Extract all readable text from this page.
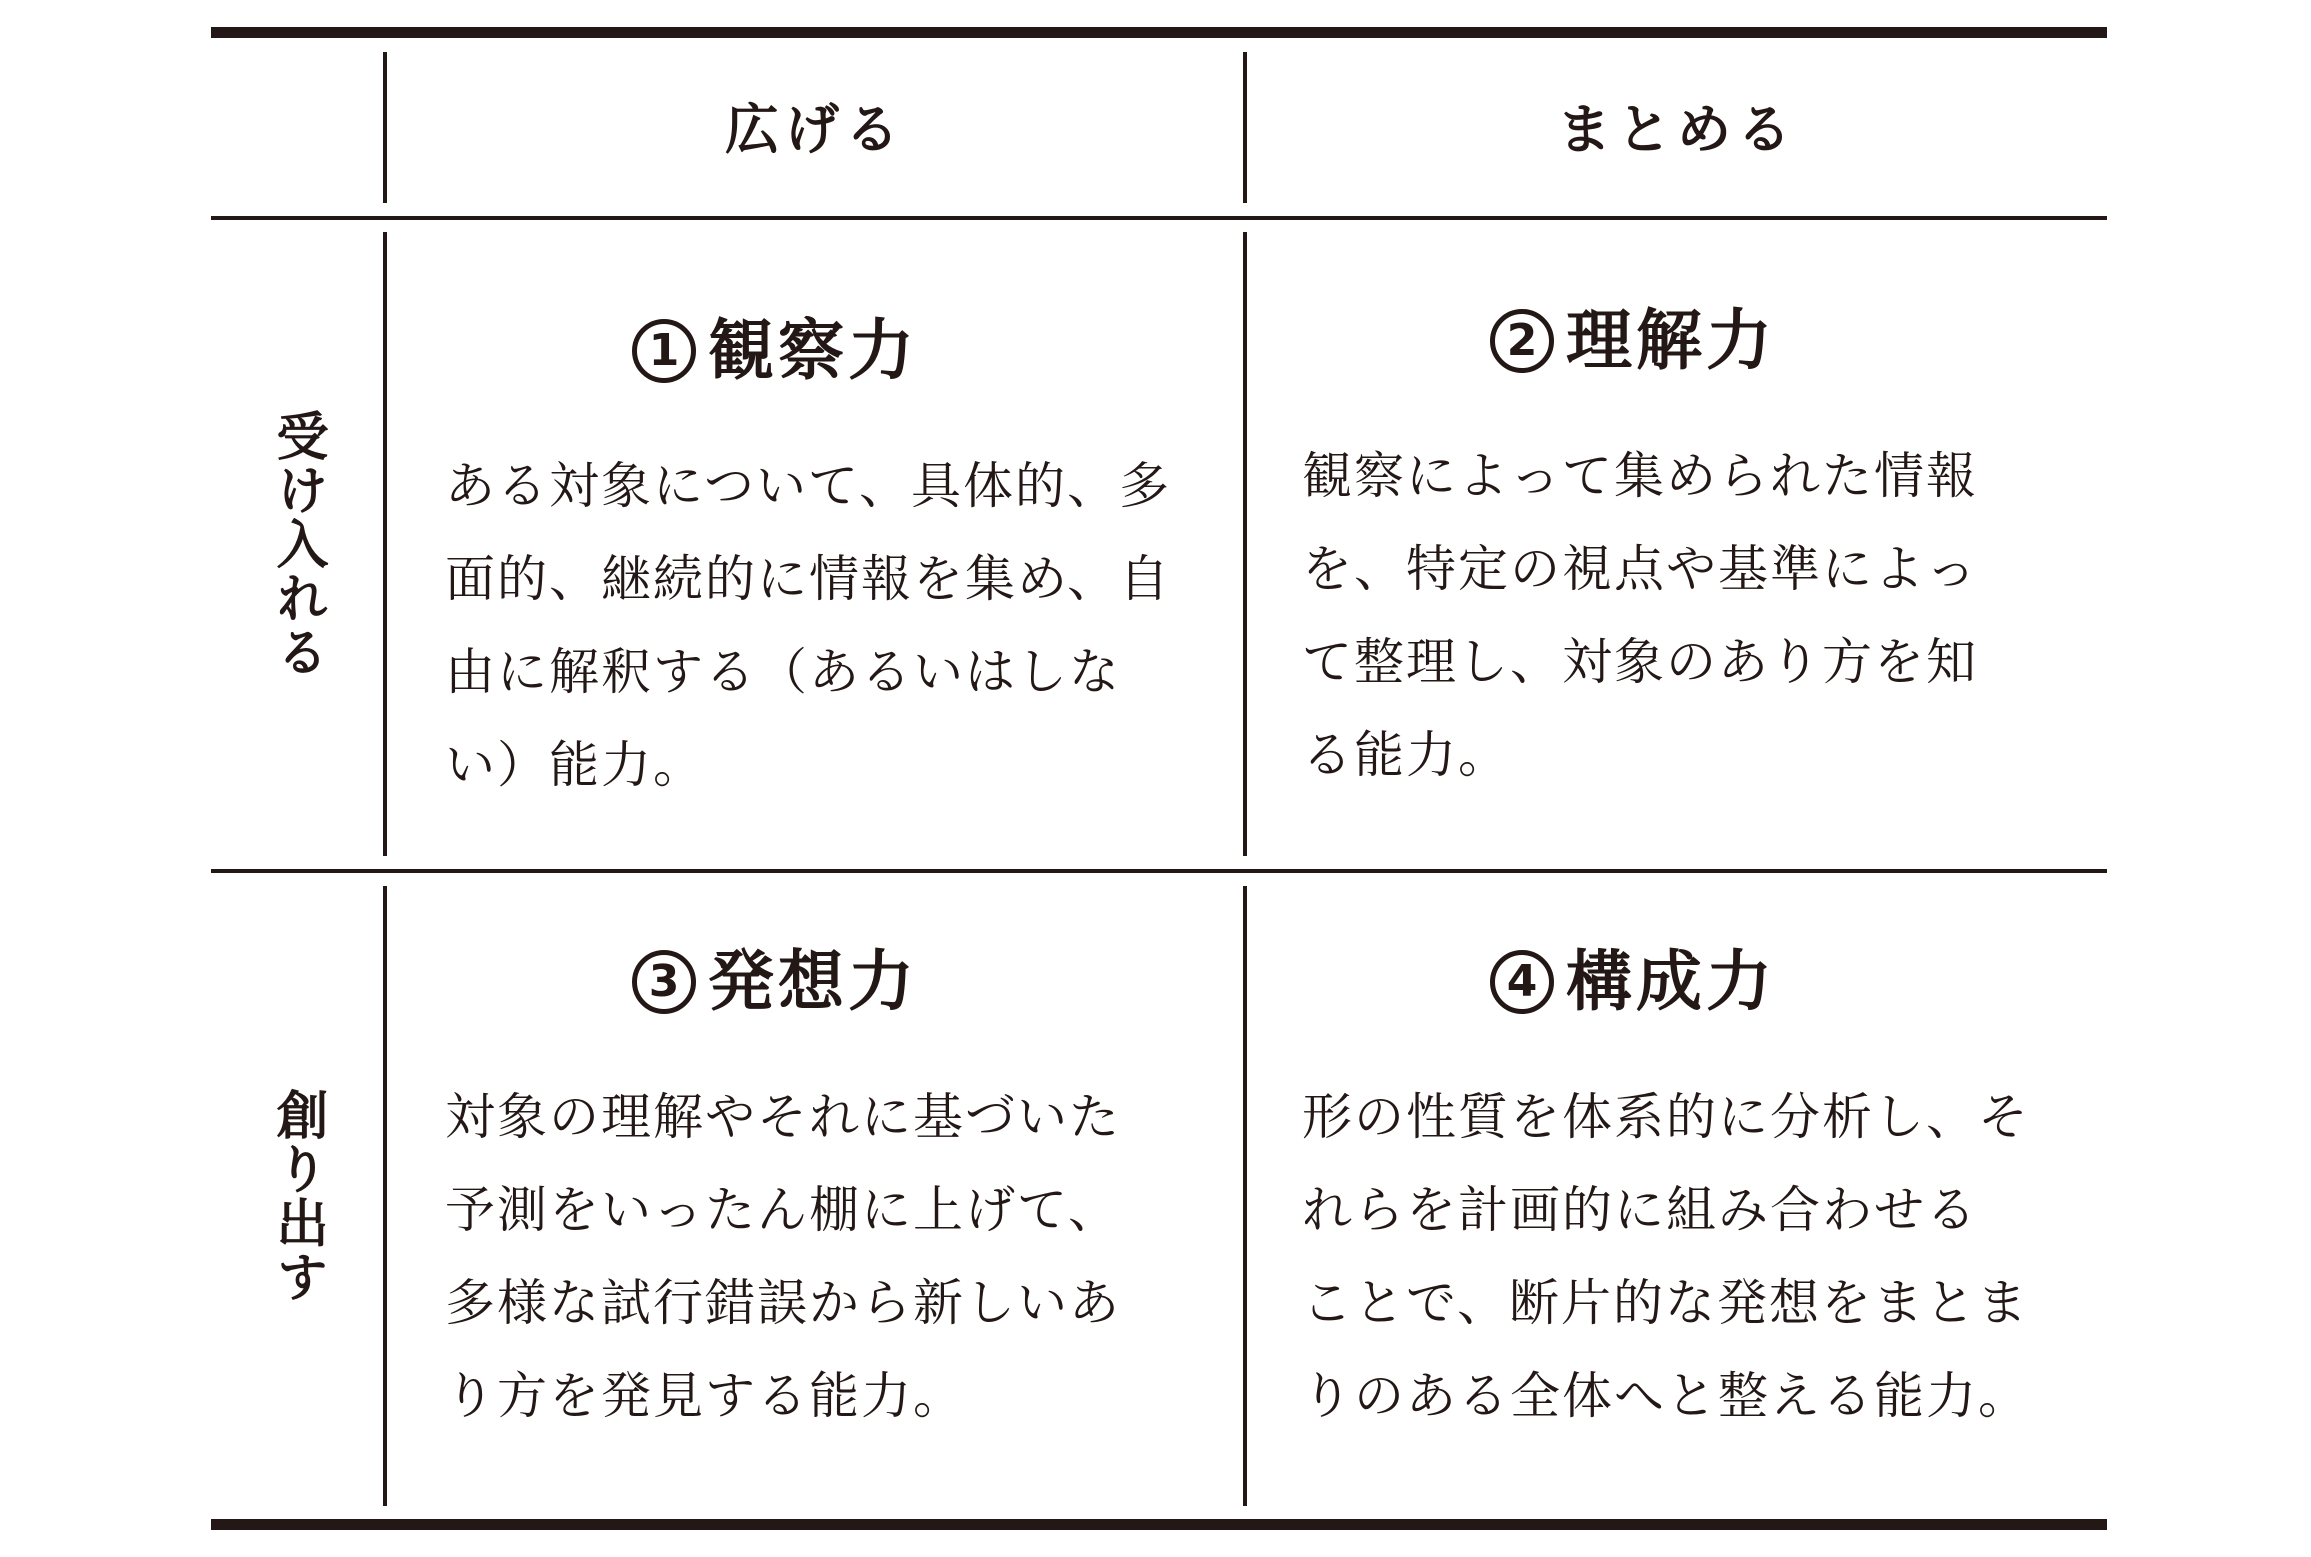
広げる	まとめる
受け入れる
創り出す
1 観察力
ある対象について、具体的、多
面的、継続的に情報を集め、自
由に解釈する（あるいはしな
い）能力。
2 理解力
観察によって集められた情報
を、特定の視点や基準によっ
て整理し、対象のあり方を知
る能力。
3 発想力
対象の理解やそれに基づいた
予測をいったん棚に上げて、
多様な試行錯誤から新しいあ
り方を発見する能力。
4 構成力
形の性質を体系的に分析し、そ
れらを計画的に組み合わせる
ことで、断片的な発想をまとま
りのある全体へと整える能力。
